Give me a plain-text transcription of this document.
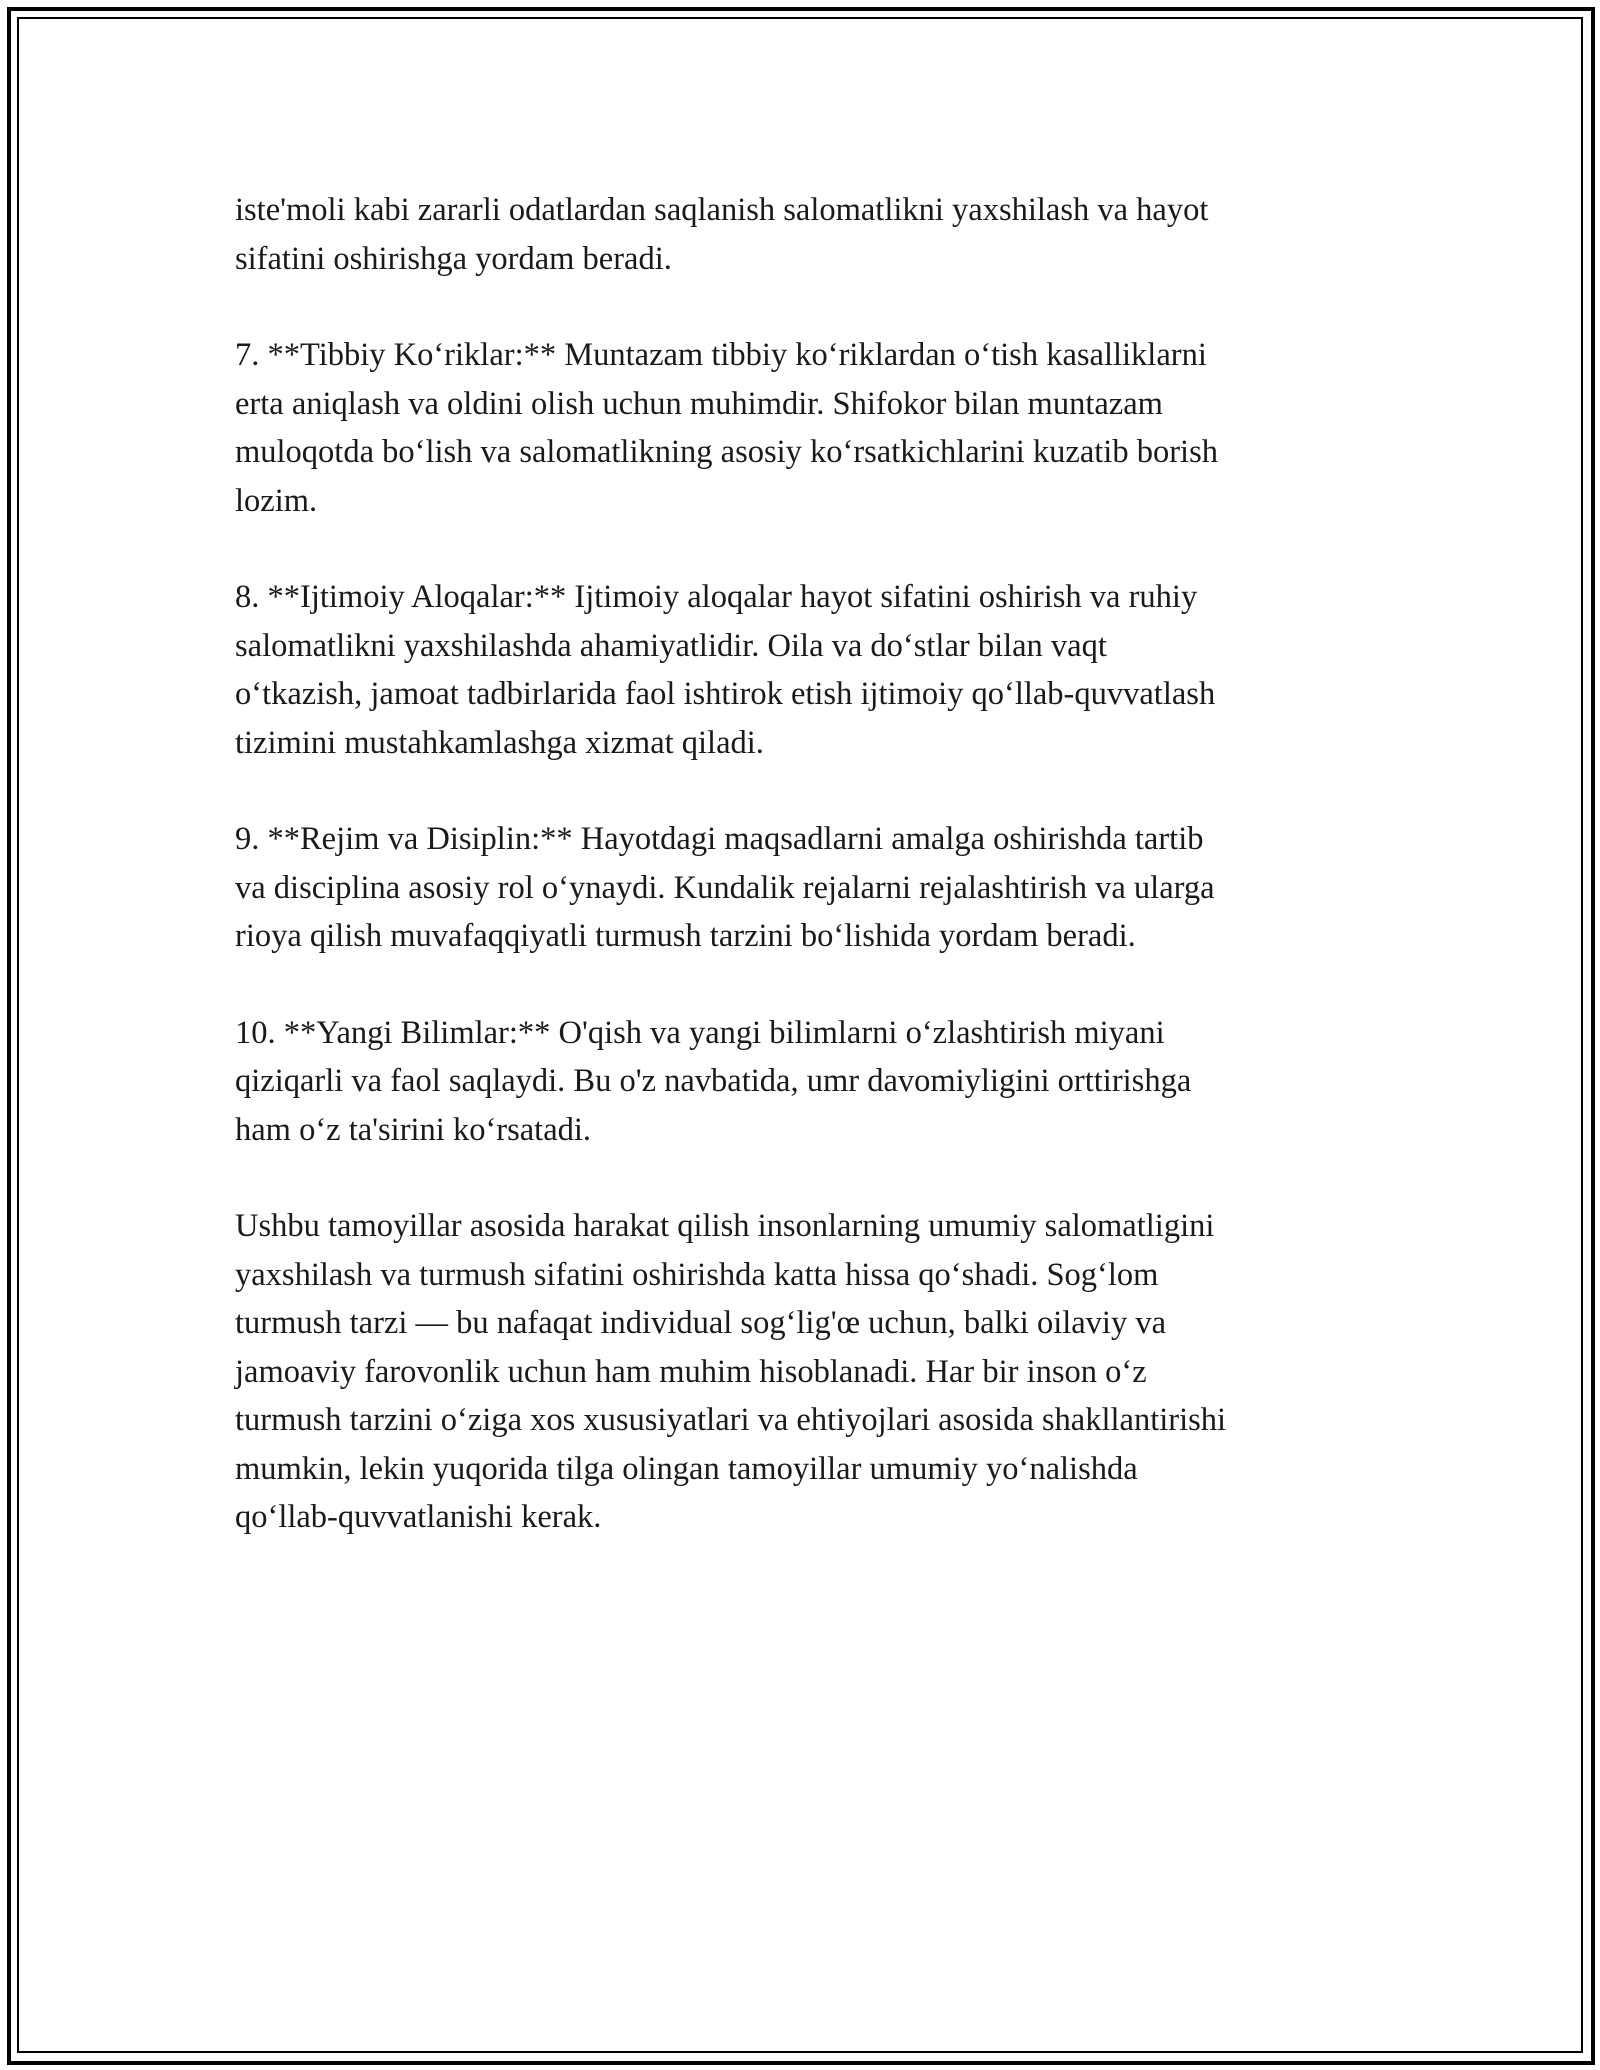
iste'moli kabi zararli odatlardan saqlanish salomatlikni yaxshilash va hayot
sifatini oshirishga yordam beradi.

7. **Tibbiy Ko‘riklar:** Muntazam tibbiy ko‘riklardan o‘tish kasalliklarni
erta aniqlash va oldini olish uchun muhimdir. Shifokor bilan muntazam
muloqotda bo‘lish va salomatlikning asosiy ko‘rsatkichlarini kuzatib borish
lozim.

8. **Ijtimoiy Aloqalar:** Ijtimoiy aloqalar hayot sifatini oshirish va ruhiy
salomatlikni yaxshilashda ahamiyatlidir. Oila va do‘stlar bilan vaqt
o‘tkazish, jamoat tadbirlarida faol ishtirok etish ijtimoiy qo‘llab-quvvatlash
tizimini mustahkamlashga xizmat qiladi.

9. **Rejim va Disiplin:** Hayotdagi maqsadlarni amalga oshirishda tartib
va disciplina asosiy rol o‘ynaydi. Kundalik rejalarni rejalashtirish va ularga
rioya qilish muvafaqqiyatli turmush tarzini bo‘lishida yordam beradi.

10. **Yangi Bilimlar:** O'qish va yangi bilimlarni o‘zlashtirish miyani
qiziqarli va faol saqlaydi. Bu o'z navbatida, umr davomiyligini orttirishga
ham o‘z ta'sirini ko‘rsatadi.

Ushbu tamoyillar asosida harakat qilish insonlarning umumiy salomatligini
yaxshilash va turmush sifatini oshirishda katta hissa qo‘shadi. Sog‘lom
turmush tarzi — bu nafaqat individual sog‘lig'œ uchun, balki oilaviy va
jamoaviy farovonlik uchun ham muhim hisoblanadi. Har bir inson o‘z
turmush tarzini o‘ziga xos xususiyatlari va ehtiyojlari asosida shakllantirishi
mumkin, lekin yuqorida tilga olingan tamoyillar umumiy yo‘nalishda
qo‘llab-quvvatlanishi kerak.
